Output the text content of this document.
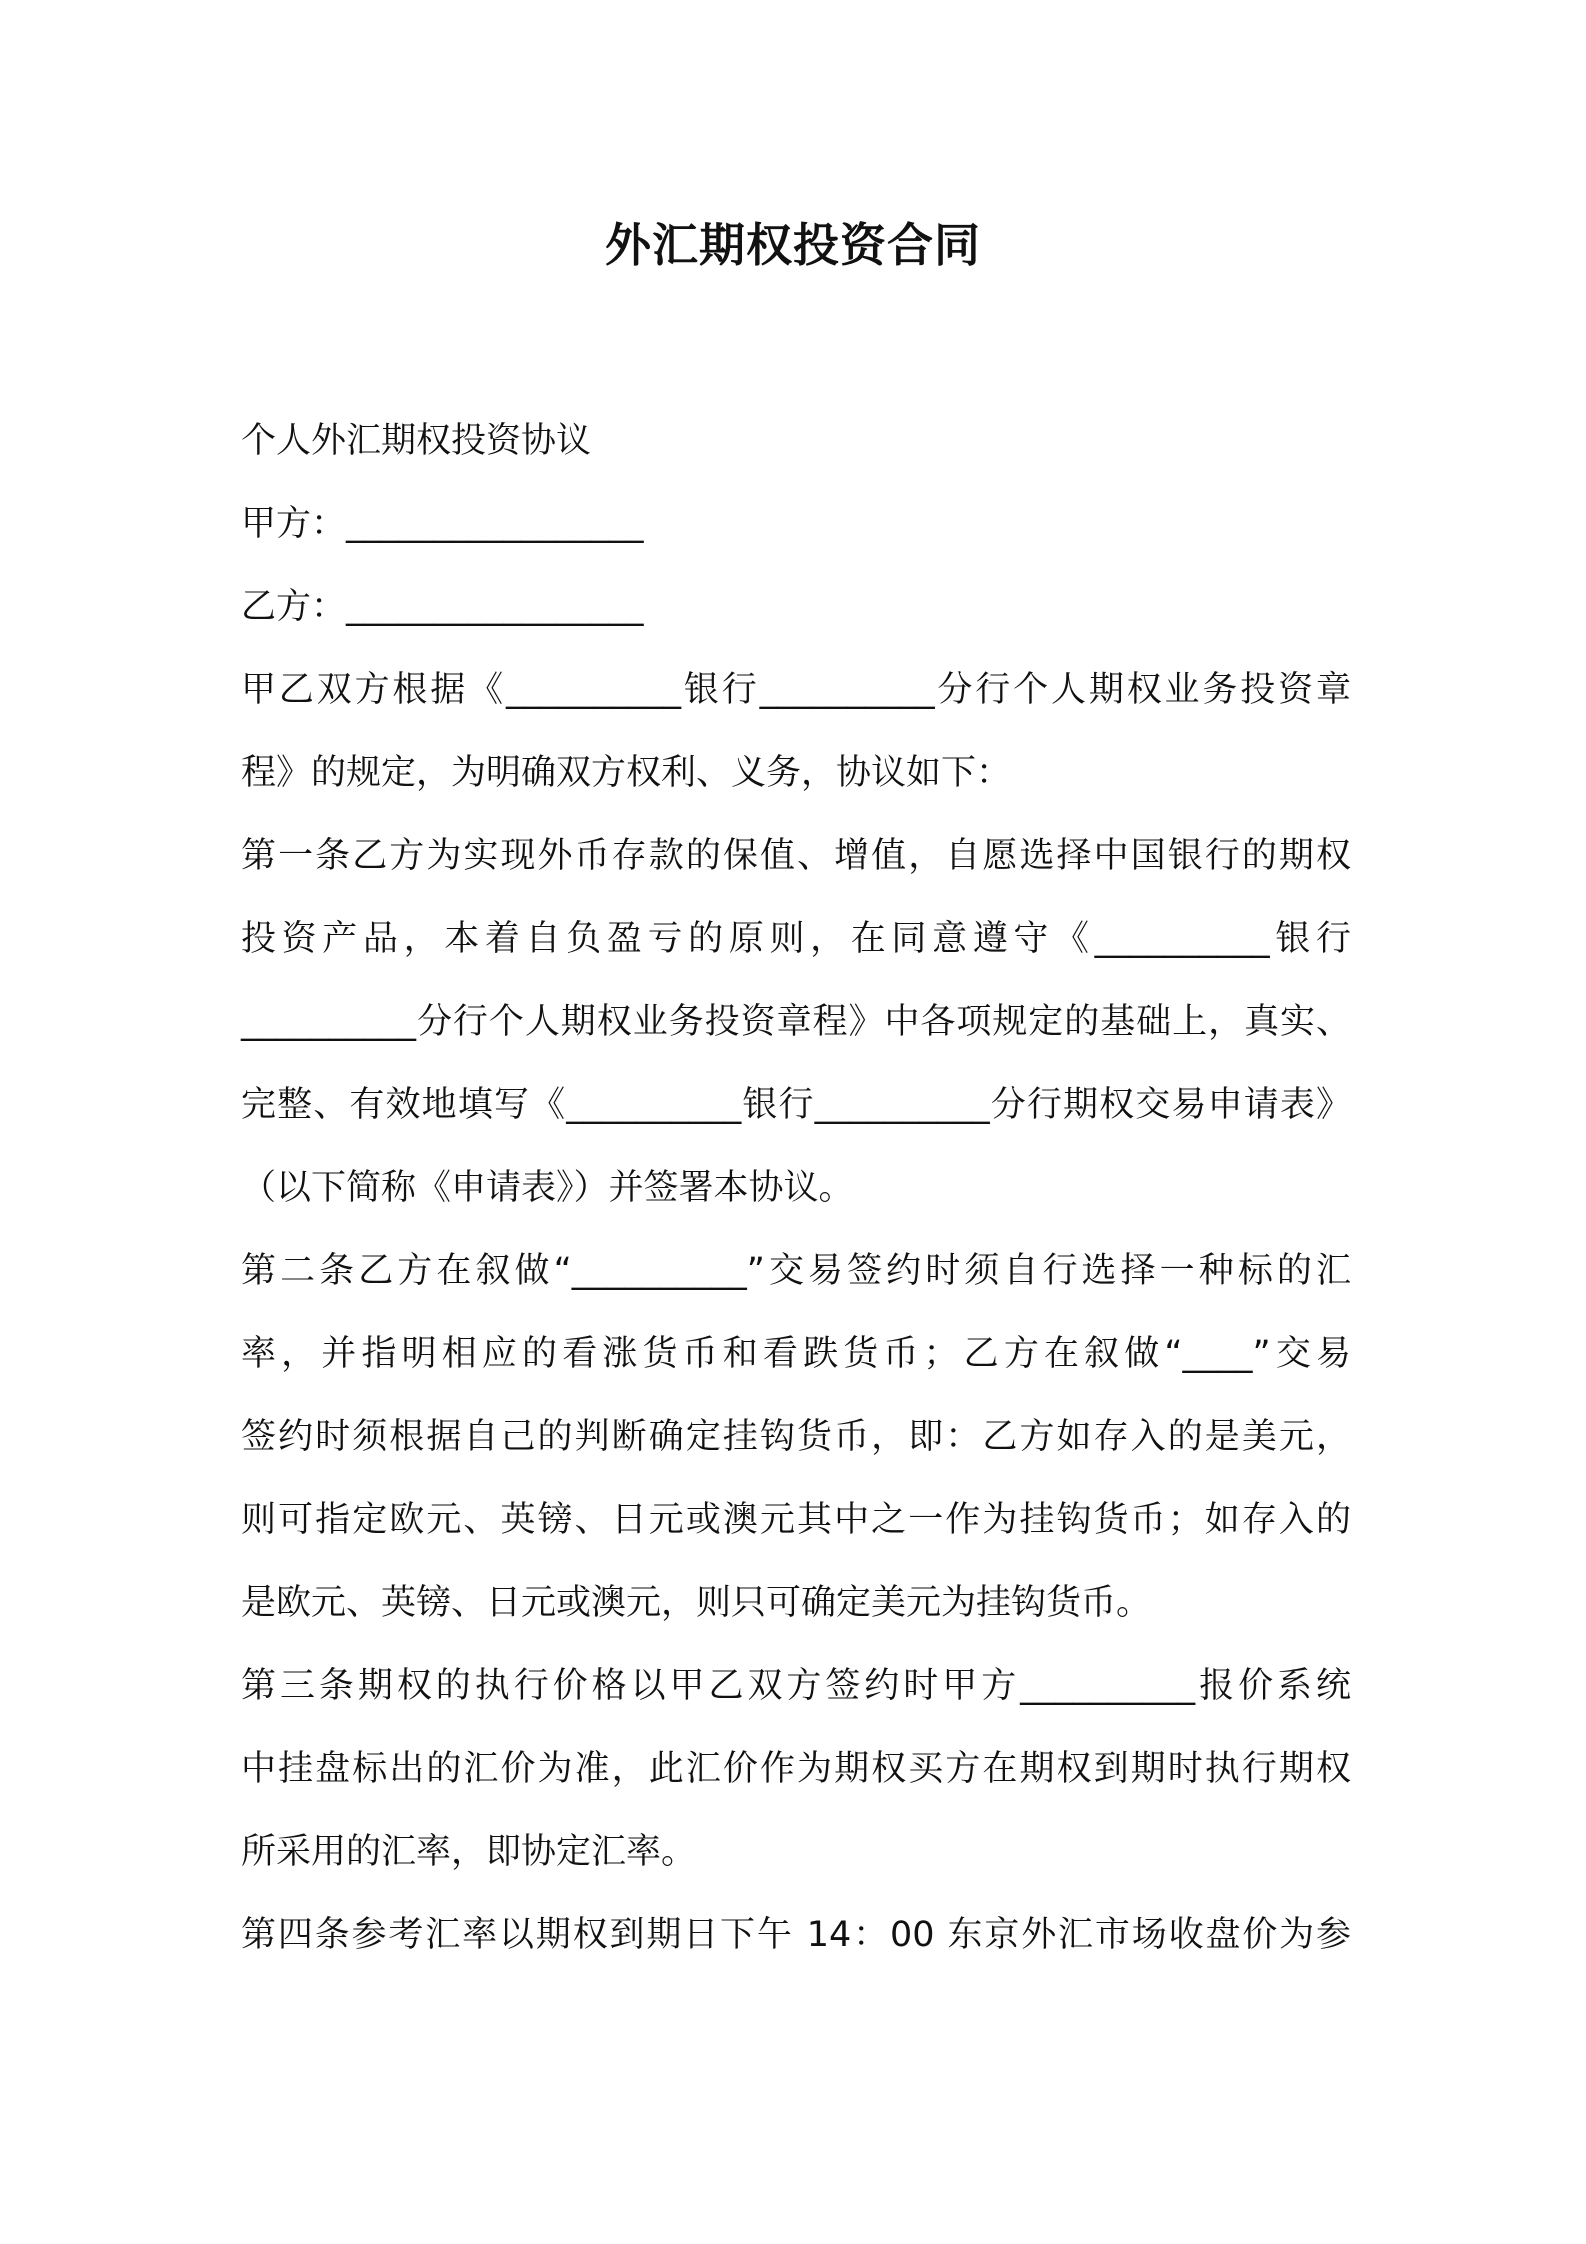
外汇期权投资合同
个人外汇期权投资协议
甲方：_________________
乙方：_________________
甲乙双方根据《__________银行__________分行个人期权业务投资章
程》的规定，为明确双方权利、义务，协议如下：
第一条乙方为实现外币存款的保值、增值，自愿选择中国银行的期权
投资产品，本着自负盈亏的原则，在同意遵守《__________银行
__________分行个人期权业务投资章程》中各项规定的基础上，真实、
完整、有效地填写《__________银行__________分行期权交易申请表》
（以下简称《申请表》）并签署本协议。
第二条乙方在叙做“__________”交易签约时须自行选择一种标的汇
率，并指明相应的看涨货币和看跌货币；乙方在叙做“____”交易
签约时须根据自己的判断确定挂钩货币，即：乙方如存入的是美元，
则可指定欧元、英镑、日元或澳元其中之一作为挂钩货币；如存入的
是欧元、英镑、日元或澳元，则只可确定美元为挂钩货币。
第三条期权的执行价格以甲乙双方签约时甲方__________报价系统
中挂盘标出的汇价为准，此汇价作为期权买方在期权到期时执行期权
所采用的汇率，即协定汇率。
第四条参考汇率以期权到期日下午 14：00 东京外汇市场收盘价为参
